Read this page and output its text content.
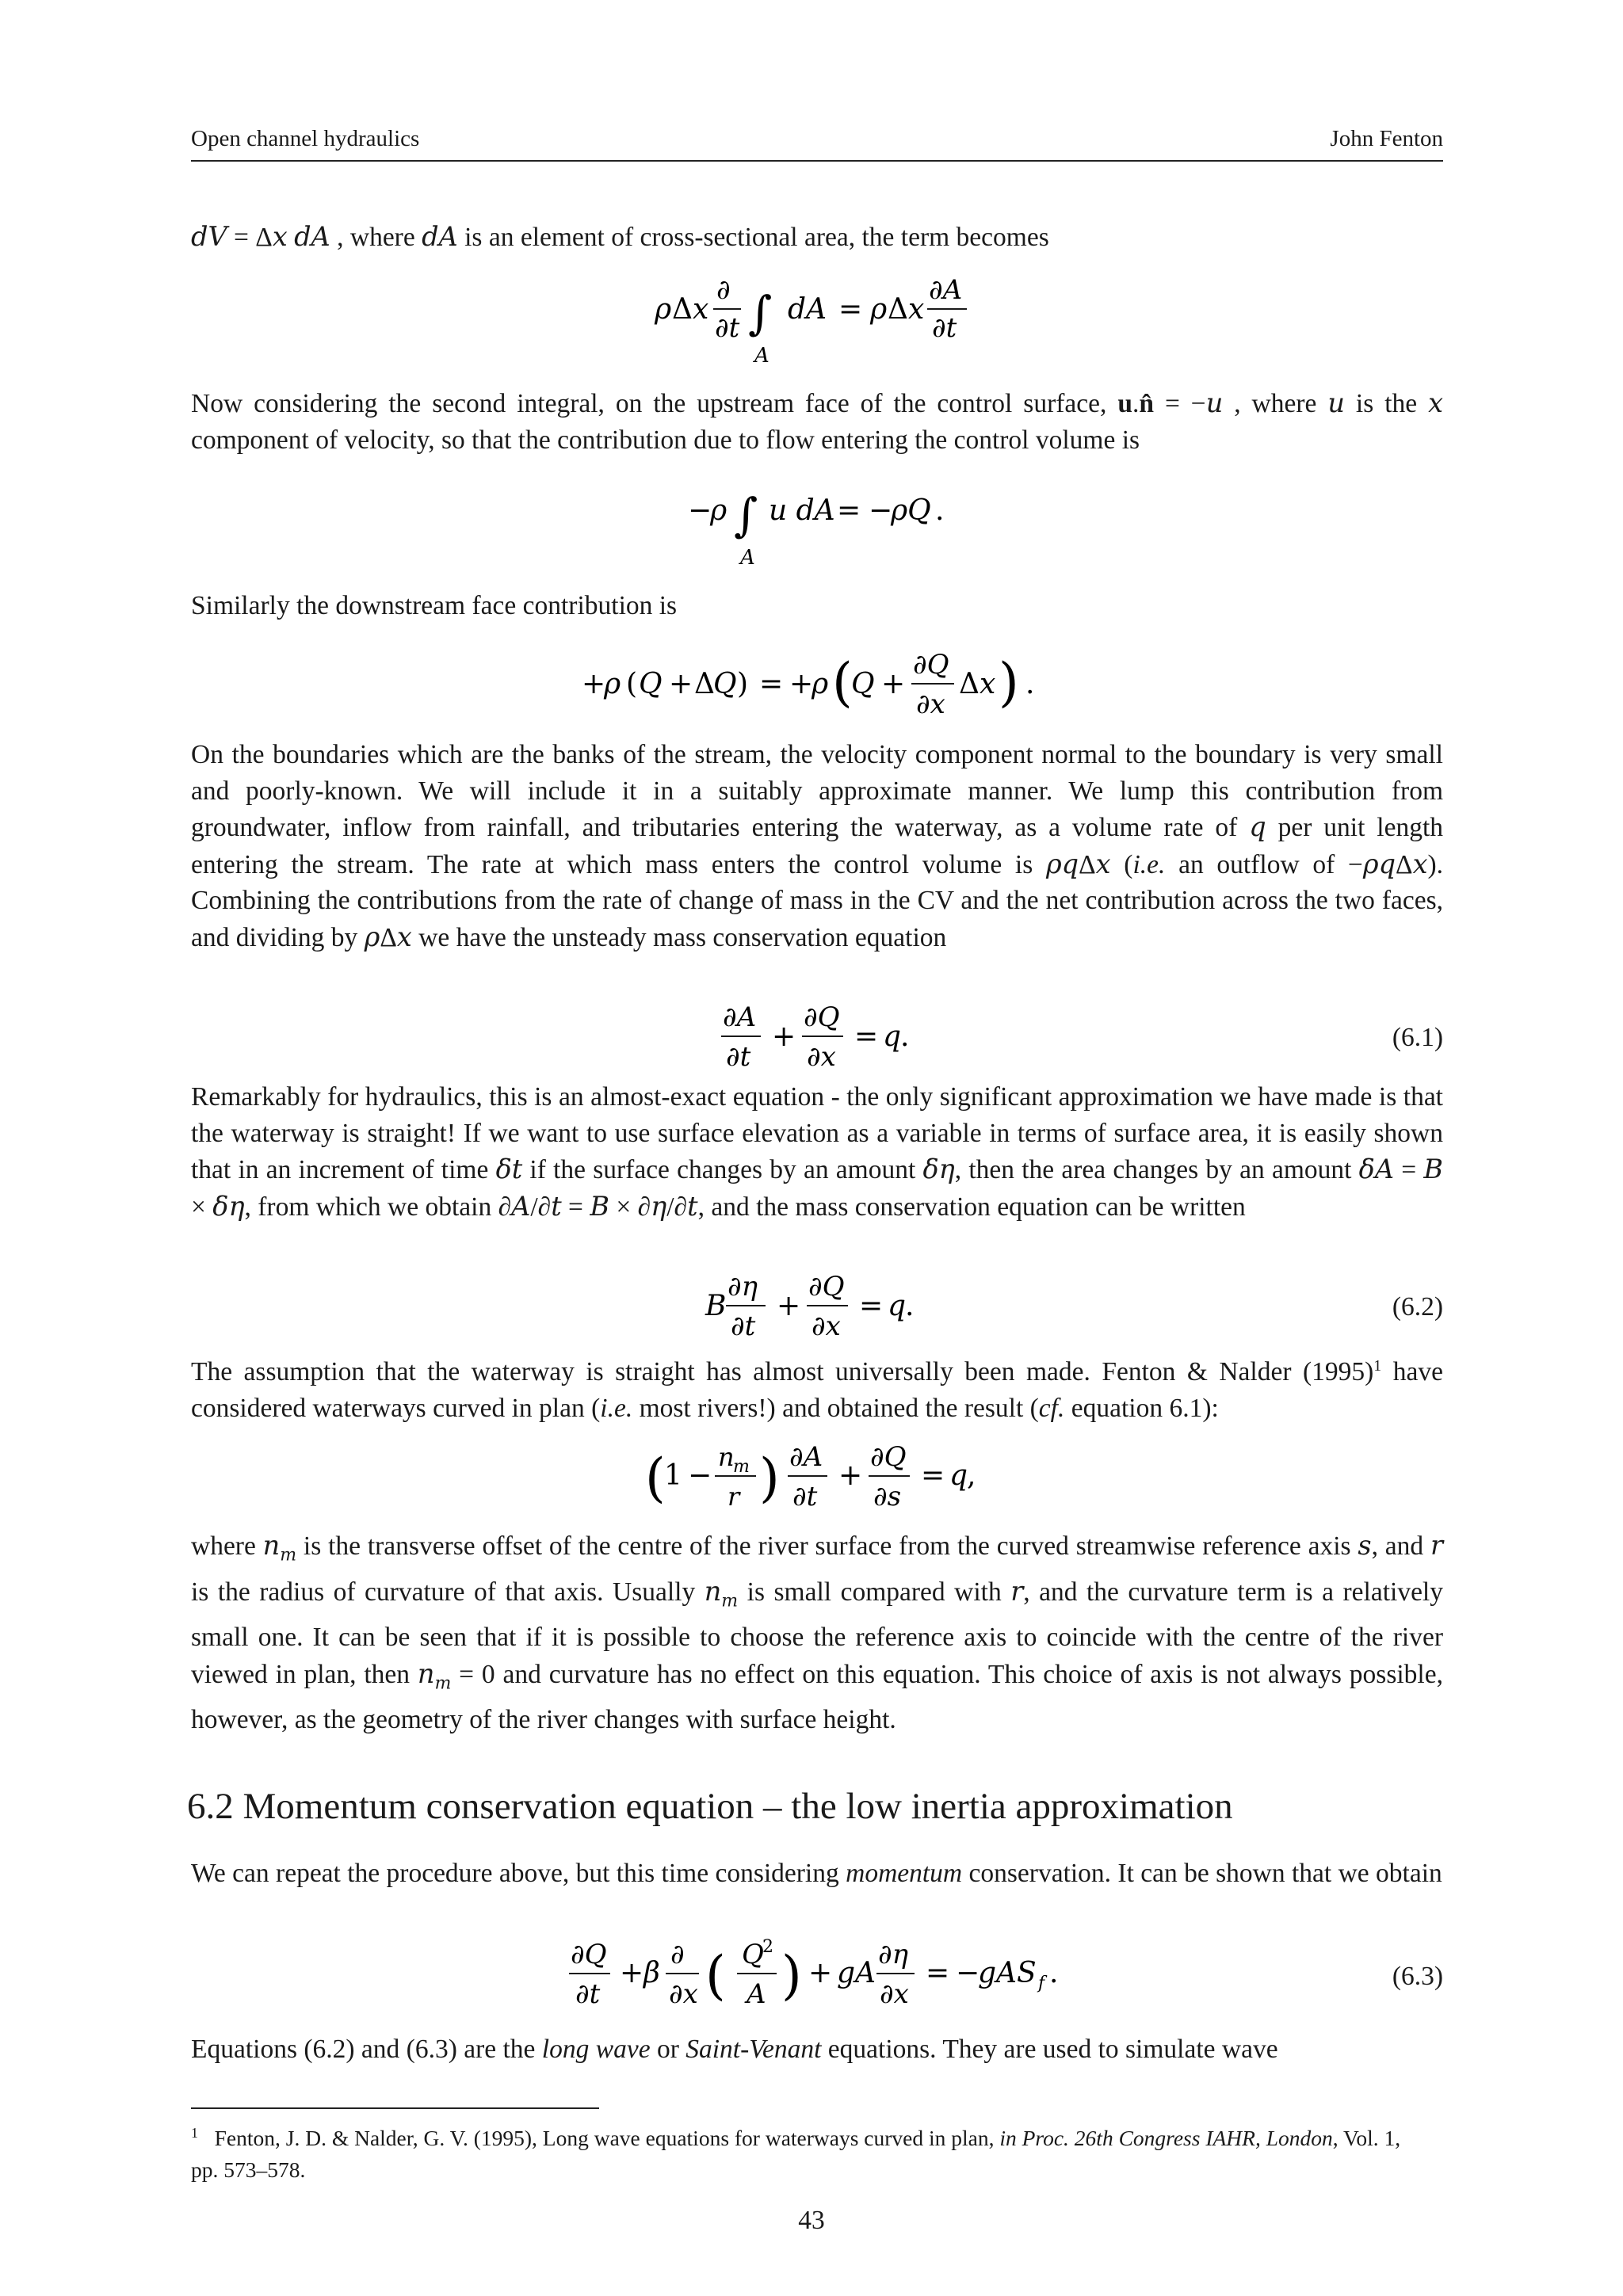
Open channel hydraulics	John Fenton

dV = Δx dA , where dA is an element of cross-sectional area, the term becomes

ρ Δ x
∂
∂t ∫
A
dA = ρ Δ x
∂A
∂t

Now considering the second integral, on the upstream face of the control surface, u.n̂ = −u , where u is the x component of velocity, so that the contribution due to flow entering the control volume is

−
ρ ∫
A
u dA = −
ρQ .

Similarly the downstream face contribution is

+
ρ ( Q + Δ
Q ) = +
ρ (
Q +
∂Q
∂x
Δ x ) .

On the boundaries which are the banks of the stream, the velocity component normal to the boundary is very small and poorly-known. We will include it in a suitably approximate manner. We lump this contribution from groundwater, inflow from rainfall, and tributaries entering the waterway, as a volume rate of q per unit length entering the stream. The rate at which mass enters the control volume is ρqΔx (i.e. an outflow of −ρqΔx). Combining the contributions from the rate of change of mass in the CV and the net contribution across the two faces, and dividing by ρΔx we have the unsteady mass conservation equation

∂A
∂t
+
∂Q
∂x
= q
.	(6.1)

Remarkably for hydraulics, this is an almost-exact equation - the only significant approximation we have made is that the waterway is straight! If we want to use surface elevation as a variable in terms of surface area, it is easily shown that in an increment of time δt if the surface changes by an amount δη, then the area changes by an amount δA = B × δη, from which we obtain ∂A/∂t = B × ∂η/∂t, and the mass conservation equation can be written

B
∂η
∂t
+
∂Q
∂x
= q
.	(6.2)

The assumption that the waterway is straight has almost universally been made. Fenton & Nalder $(1995)^1$ have considered waterways curved in plan (i.e. most rivers!) and obtained the result (cf. equation 6.1):

(
1 −
n
m
r ) ∂A
∂t
+
∂Q
∂s
= q
,

where $n_m$ is the transverse offset of the centre of the river surface from the curved streamwise reference axis s, and r is the radius of curvature of that axis. Usually $n_m$ is small compared with r, and the curvature term is a relatively small one. It can be seen that if it is possible to choose the reference axis to coincide with the centre of the river viewed in plan, then $n_m = 0$ and curvature has no effect on this equation. This choice of axis is not always possible, however, as the geometry of the river changes with surface height.

6.2 Momentum conservation equation – the low inertia approximation

We can repeat the procedure above, but this time considering momentum conservation. It can be shown that we obtain

∂Q
∂t
+ β
∂
∂x ( Q
2
A ) + gA
∂η
∂x
= −
gAS f .	(6.3)

Equations (6.2) and (6.3) are the long wave or Saint-Venant equations. They are used to simulate wave

$^1$ Fenton, J. D. & Nalder, G. V. (1995), Long wave equations for waterways curved in plan, in Proc. 26th Congress IAHR, London, Vol. 1, pp. 573–578.

43
